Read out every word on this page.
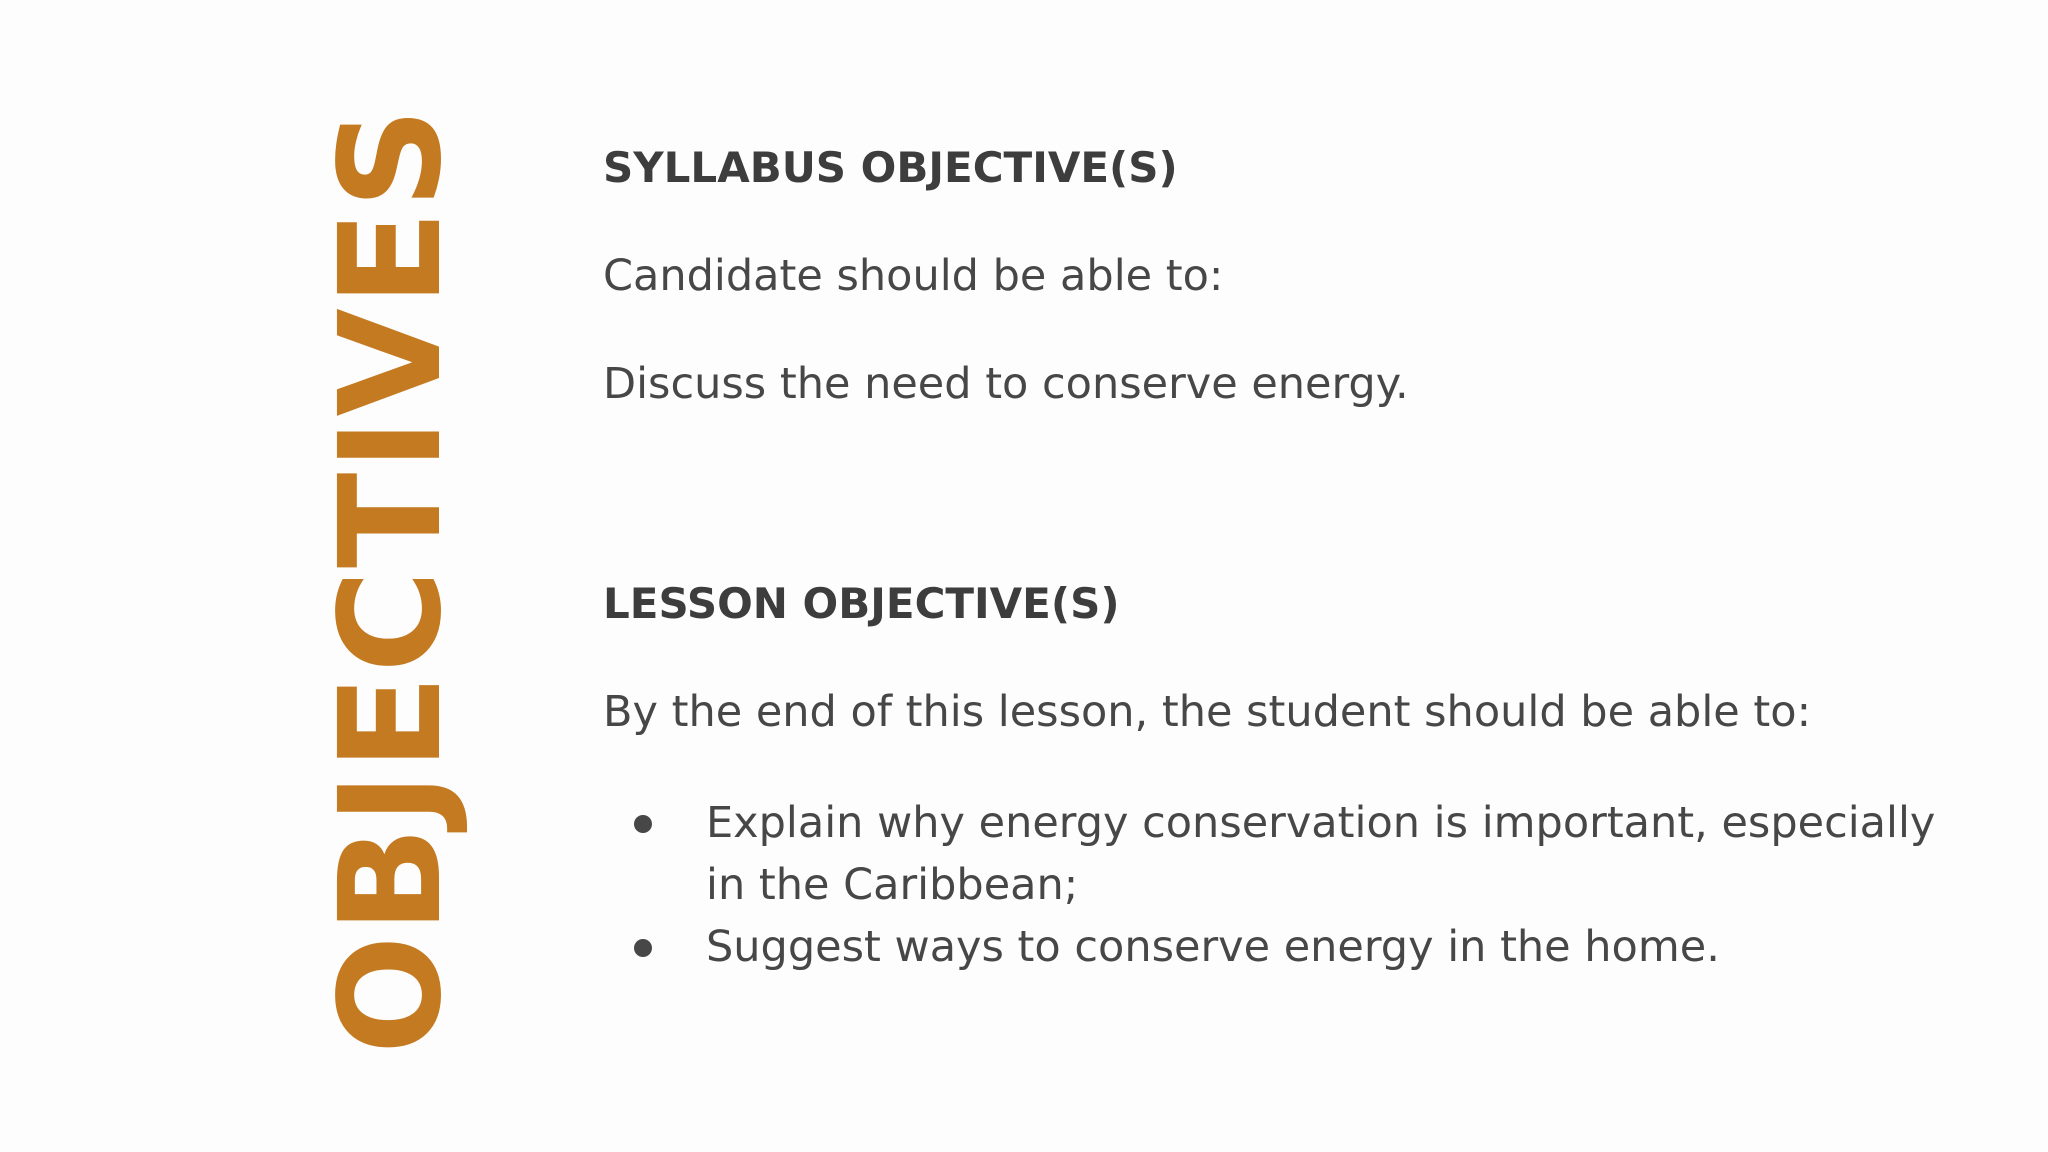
OBJECTIVES	SYLLABUS OBJECTIVE(S)

Candidate should be able to:

Discuss the need to conserve energy.

LESSON OBJECTIVE(S)

By the end of this lesson, the student should be able to:

Explain why energy conservation is important, especially in the Caribbean;
Suggest ways to conserve energy in the home.
